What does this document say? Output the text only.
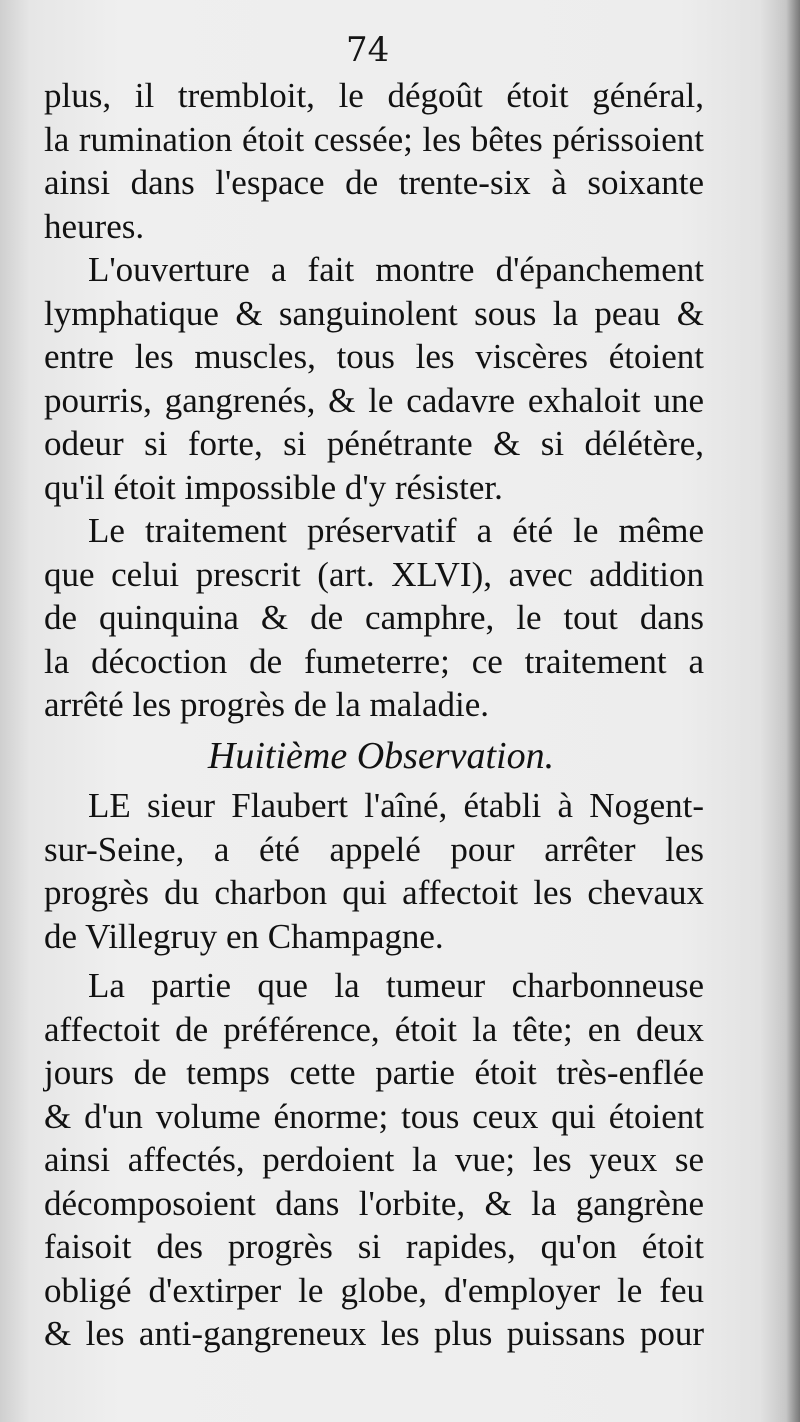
74
plus, il trembloit, le dégoût étoit général,
la rumination étoit cessée; les bêtes périssoient
ainsi dans l'espace de trente-six à soixante
heures.
L'ouverture a fait montre d'épanchement
lymphatique & sanguinolent sous la peau &
entre les muscles, tous les viscères étoient
pourris, gangrenés, & le cadavre exhaloit une
odeur si forte, si pénétrante & si délétère,
qu'il étoit impossible d'y résister.
Le traitement préservatif a été le même
que celui prescrit (art. XLVI), avec addition
de quinquina & de camphre, le tout dans
la décoction de fumeterre; ce traitement a
arrêté les progrès de la maladie.
Huitième Observation.
LE sieur Flaubert l'aîné, établi à Nogent-
sur-Seine, a été appelé pour arrêter les
progrès du charbon qui affectoit les chevaux
de Villegruy en Champagne.
La partie que la tumeur charbonneuse
affectoit de préférence, étoit la tête; en deux
jours de temps cette partie étoit très-enflée
& d'un volume énorme; tous ceux qui étoient
ainsi affectés, perdoient la vue; les yeux se
décomposoient dans l'orbite, & la gangrène
faisoit des progrès si rapides, qu'on étoit
obligé d'extirper le globe, d'employer le feu
& les anti-gangreneux les plus puissans pour
